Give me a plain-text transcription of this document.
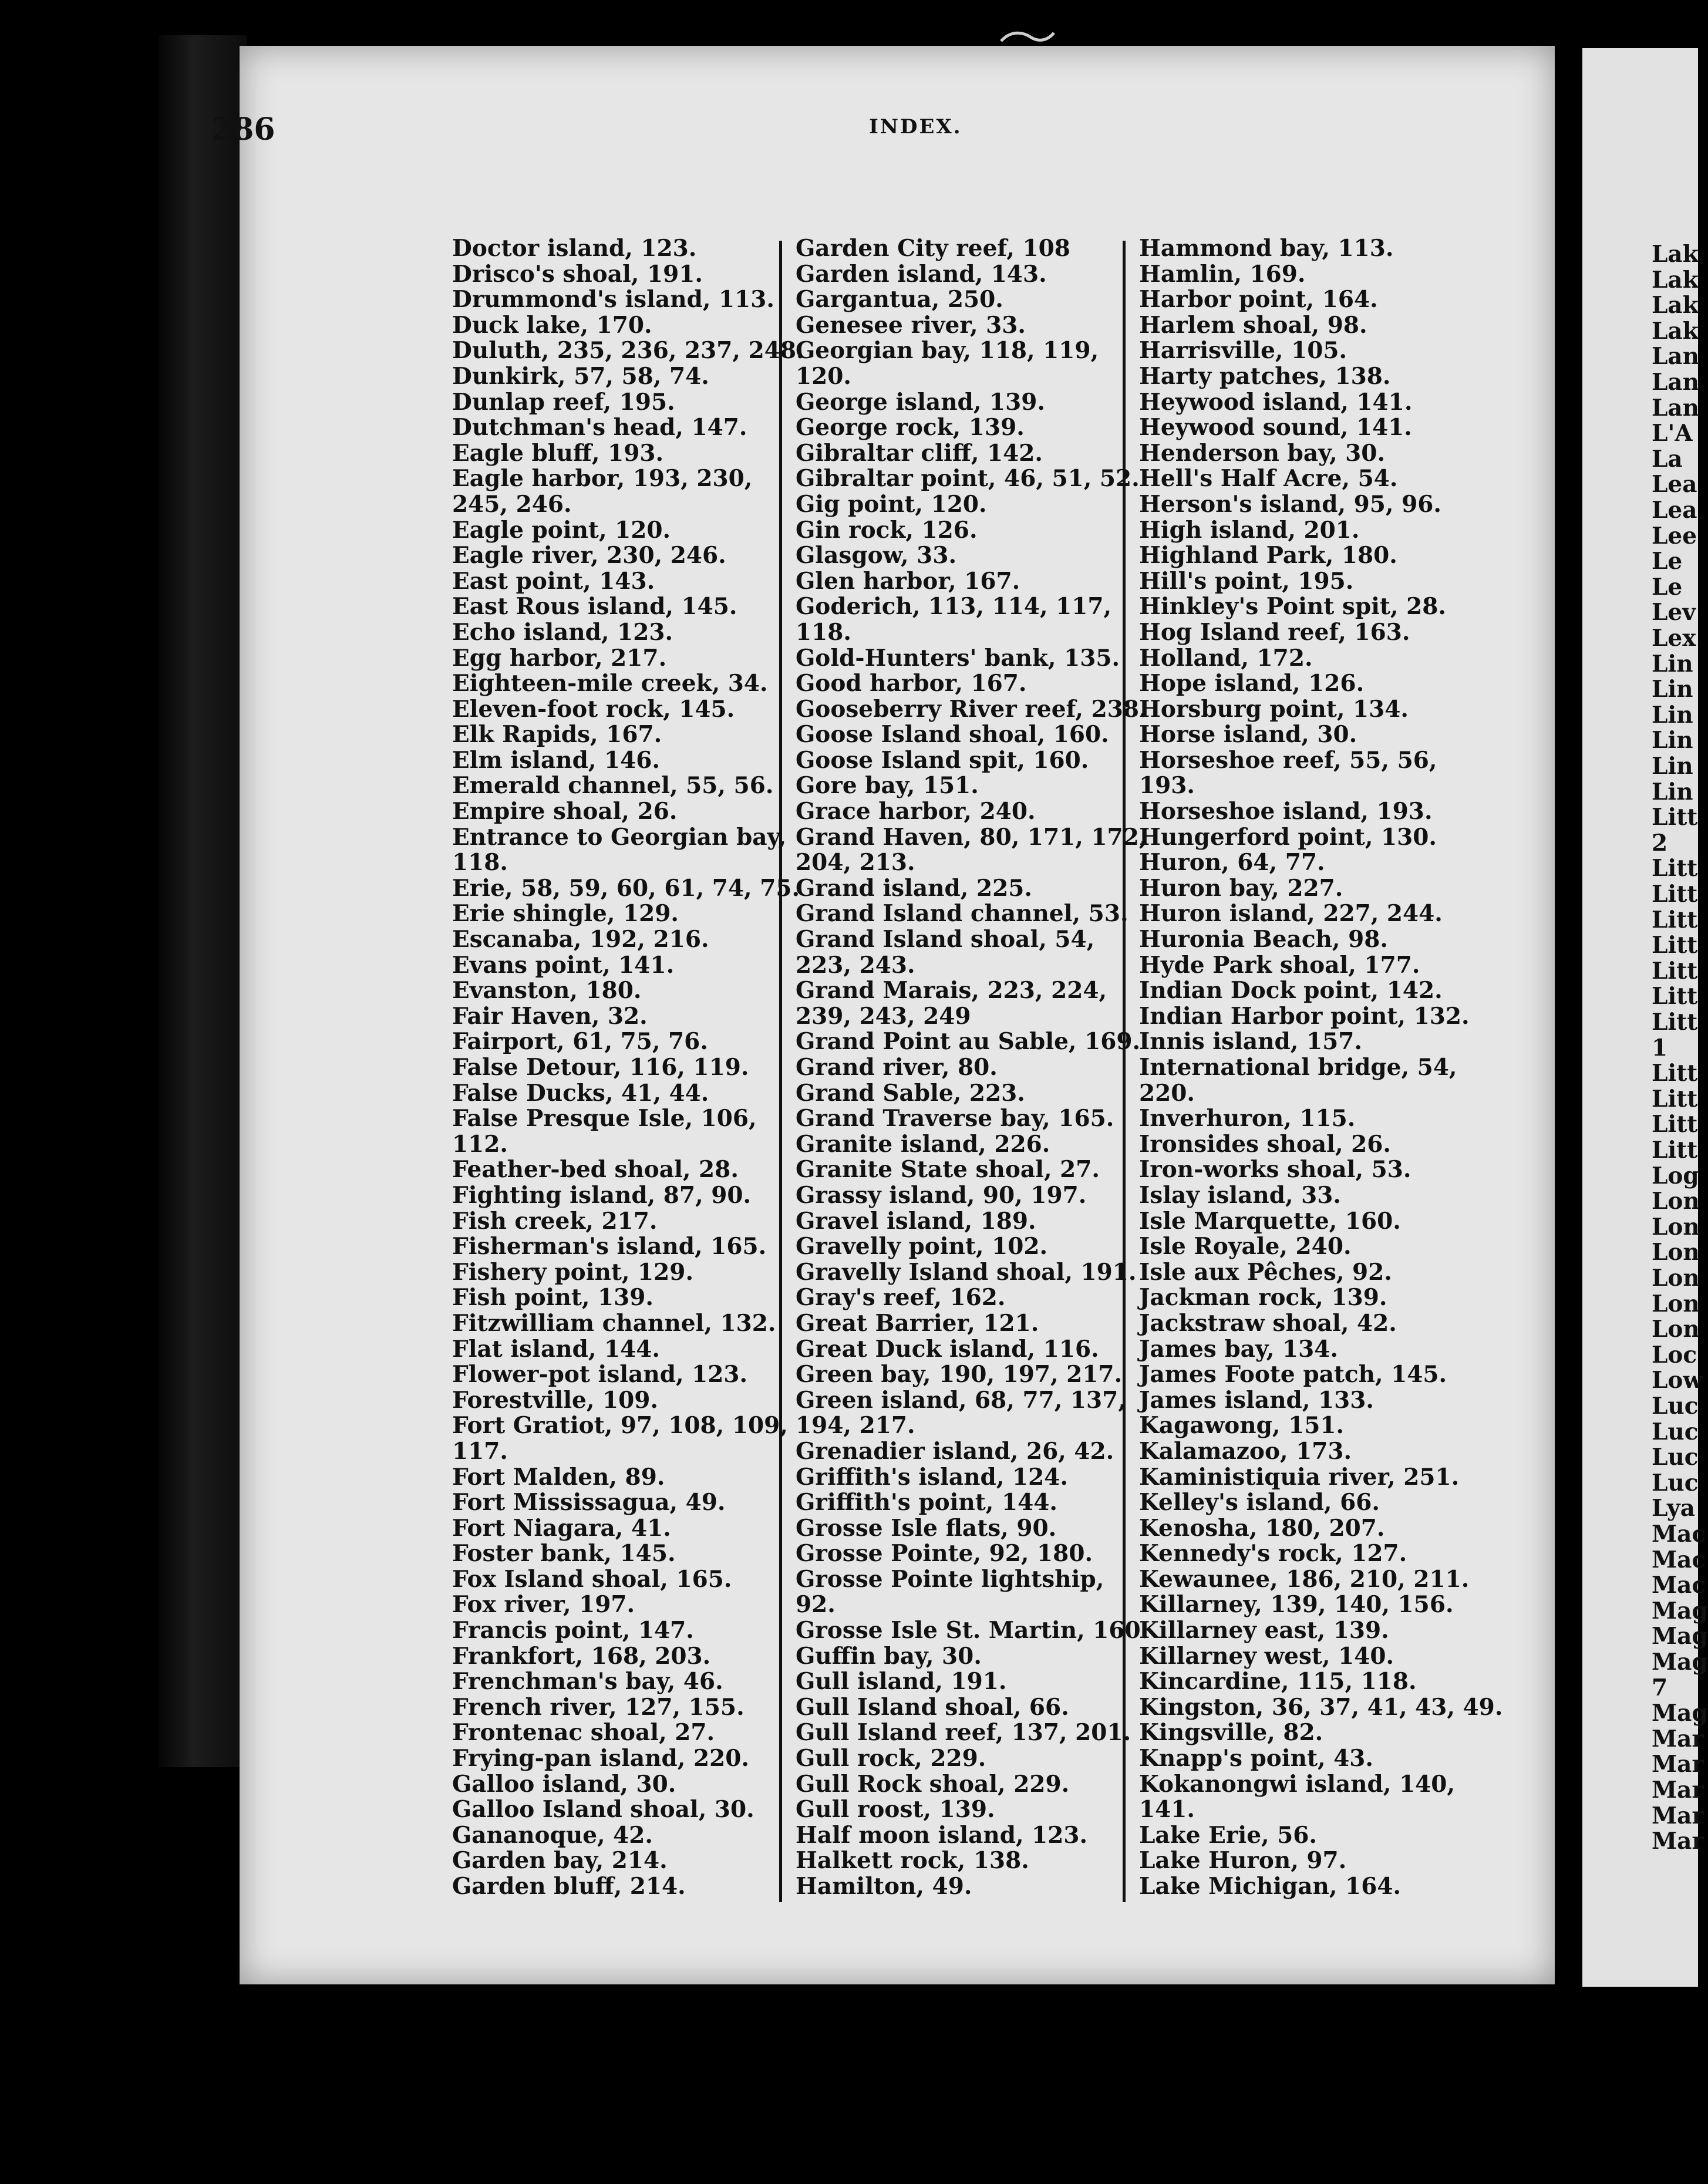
286	INDEX.
Doctor island, 123.
Drisco's shoal, 191.
Drummond's island, 113.
Duck lake, 170.
Duluth, 235, 236, 237, 248.
Dunkirk, 57, 58, 74.
Dunlap reef, 195.
Dutchman's head, 147.
Eagle bluff, 193.
Eagle harbor, 193, 230,
245, 246.
Eagle point, 120.
Eagle river, 230, 246.
East point, 143.
East Rous island, 145.
Echo island, 123.
Egg harbor, 217.
Eighteen-mile creek, 34.
Eleven-foot rock, 145.
Elk Rapids, 167.
Elm island, 146.
Emerald channel, 55, 56.
Empire shoal, 26.
Entrance to Georgian bay,
118.
Erie, 58, 59, 60, 61, 74, 75.
Erie shingle, 129.
Escanaba, 192, 216.
Evans point, 141.
Evanston, 180.
Fair Haven, 32.
Fairport, 61, 75, 76.
False Detour, 116, 119.
False Ducks, 41, 44.
False Presque Isle, 106,
112.
Feather-bed shoal, 28.
Fighting island, 87, 90.
Fish creek, 217.
Fisherman's island, 165.
Fishery point, 129.
Fish point, 139.
Fitzwilliam channel, 132.
Flat island, 144.
Flower-pot island, 123.
Forestville, 109.
Fort Gratiot, 97, 108, 109,
117.
Fort Malden, 89.
Fort Mississagua, 49.
Fort Niagara, 41.
Foster bank, 145.
Fox Island shoal, 165.
Fox river, 197.
Francis point, 147.
Frankfort, 168, 203.
Frenchman's bay, 46.
French river, 127, 155.
Frontenac shoal, 27.
Frying-pan island, 220.
Galloo island, 30.
Galloo Island shoal, 30.
Gananoque, 42.
Garden bay, 214.
Garden bluff, 214.
Garden City reef, 108
Garden island, 143.
Gargantua, 250.
Genesee river, 33.
Georgian bay, 118, 119,
120.
George island, 139.
George rock, 139.
Gibraltar cliff, 142.
Gibraltar point, 46, 51, 52.
Gig point, 120.
Gin rock, 126.
Glasgow, 33.
Glen harbor, 167.
Goderich, 113, 114, 117,
118.
Gold-Hunters' bank, 135.
Good harbor, 167.
Gooseberry River reef, 238.
Goose Island shoal, 160.
Goose Island spit, 160.
Gore bay, 151.
Grace harbor, 240.
Grand Haven, 80, 171, 172,
204, 213.
Grand island, 225.
Grand Island channel, 53.
Grand Island shoal, 54,
223, 243.
Grand Marais, 223, 224,
239, 243, 249
Grand Point au Sable, 169.
Grand river, 80.
Grand Sable, 223.
Grand Traverse bay, 165.
Granite island, 226.
Granite State shoal, 27.
Grassy island, 90, 197.
Gravel island, 189.
Gravelly point, 102.
Gravelly Island shoal, 191.
Gray's reef, 162.
Great Barrier, 121.
Great Duck island, 116.
Green bay, 190, 197, 217.
Green island, 68, 77, 137,
194, 217.
Grenadier island, 26, 42.
Griffith's island, 124.
Griffith's point, 144.
Grosse Isle flats, 90.
Grosse Pointe, 92, 180.
Grosse Pointe lightship,
92.
Grosse Isle St. Martin, 160.
Guffin bay, 30.
Gull island, 191.
Gull Island shoal, 66.
Gull Island reef, 137, 201.
Gull rock, 229.
Gull Rock shoal, 229.
Gull roost, 139.
Half moon island, 123.
Halkett rock, 138.
Hamilton, 49.
Hammond bay, 113.
Hamlin, 169.
Harbor point, 164.
Harlem shoal, 98.
Harrisville, 105.
Harty patches, 138.
Heywood island, 141.
Heywood sound, 141.
Henderson bay, 30.
Hell's Half Acre, 54.
Herson's island, 95, 96.
High island, 201.
Highland Park, 180.
Hill's point, 195.
Hinkley's Point spit, 28.
Hog Island reef, 163.
Holland, 172.
Hope island, 126.
Horsburg point, 134.
Horse island, 30.
Horseshoe reef, 55, 56,
193.
Horseshoe island, 193.
Hungerford point, 130.
Huron, 64, 77.
Huron bay, 227.
Huron island, 227, 244.
Huronia Beach, 98.
Hyde Park shoal, 177.
Indian Dock point, 142.
Indian Harbor point, 132.
Innis island, 157.
International bridge, 54,
220.
Inverhuron, 115.
Ironsides shoal, 26.
Iron-works shoal, 53.
Islay island, 33.
Isle Marquette, 160.
Isle Royale, 240.
Isle aux Pêches, 92.
Jackman rock, 139.
Jackstraw shoal, 42.
James bay, 134.
James Foote patch, 145.
James island, 133.
Kagawong, 151.
Kalamazoo, 173.
Kaministiquia river, 251.
Kelley's island, 66.
Kenosha, 180, 207.
Kennedy's rock, 127.
Kewaunee, 186, 210, 211.
Killarney, 139, 140, 156.
Killarney east, 139.
Killarney west, 140.
Kincardine, 115, 118.
Kingston, 36, 37, 41, 43, 49.
Kingsville, 82.
Knapp's point, 43.
Kokanongwi island, 140,
141.
Lake Erie, 56.
Lake Huron, 97.
Lake Michigan, 164.
Lak
Lak
Lak
Lak
Lan
Lan
Lan
L'A
La
Lea
Lea
Lee
Le
Le
Lev
Lex
Lin
Lin
Lin
Lin
Lin
Lin
Litt
2
Litt
Litt
Litt
Litt
Litt
Litt
Litt
1
Litt
Litt
Litt
Litt
Log
Lon
Lon
Lon
Lon
Lon
Lon
Loc
Low
Luc
Luc
Luc
Luc
Lya
Mac
Mac
Mac
Mag
Mag
Mag
7
Mag
Mar
Mar
Mar
Mar
Mar
